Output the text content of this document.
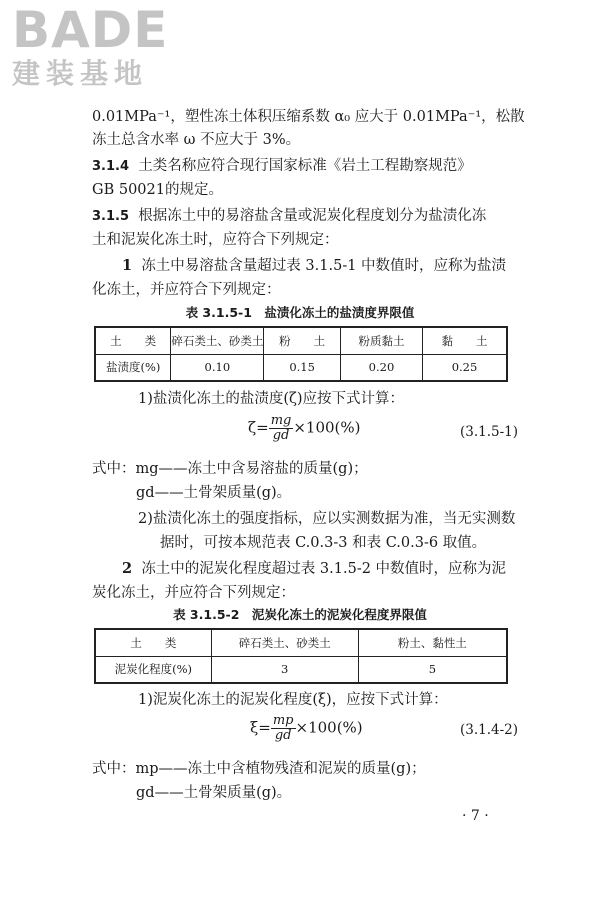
BADE
建装基地
0.01MPa⁻¹，塑性冻土体积压缩系数 α₀ 应大于 0.01MPa⁻¹，松散
冻土总含水率 ω 不应大于 3%。
3.1.4 土类名称应符合现行国家标准《岩土工程勘察规范》
GB 50021的规定。
3.1.5 根据冻土中的易溶盐含量或泥炭化程度划分为盐渍化冻
土和泥炭化冻土时，应符合下列规定：
1 冻土中易溶盐含量超过表 3.1.5-1 中数值时，应称为盐渍
化冻土，并应符合下列规定：
表 3.1.5-1　盐渍化冻土的盐渍度界限值
土　　类	碎石类土、砂类土	粉　　土	粉质黏土	黏　　土
盐渍度(%)	0.10	0.15	0.20	0.25
1)盐渍化冻土的盐渍度(ζ)应按下式计算：
$\zeta= \frac{mg}{gd} \times 100(\%)$	(3.1.5-1)
式中：mg——冻土中含易溶盐的质量(g)；
gd——土骨架质量(g)。
2)盐渍化冻土的强度指标，应以实测数据为准，当无实测数
据时，可按本规范表 C.0.3-3 和表 C.0.3-6 取值。
2 冻土中的泥炭化程度超过表 3.1.5-2 中数值时，应称为泥
炭化冻土，并应符合下列规定：
表 3.1.5-2　泥炭化冻土的泥炭化程度界限值
土　　类	碎石类土、砂类土	粉土、黏性土
泥炭化程度(%)	3	5
1)泥炭化冻土的泥炭化程度(ξ)，应按下式计算：
$\xi= \frac{mp}{gd} \times 100(\%)$	(3.1.4-2)
式中：mp——冻土中含植物残渣和泥炭的质量(g)；
gd——土骨架质量(g)。
· 7 ·
